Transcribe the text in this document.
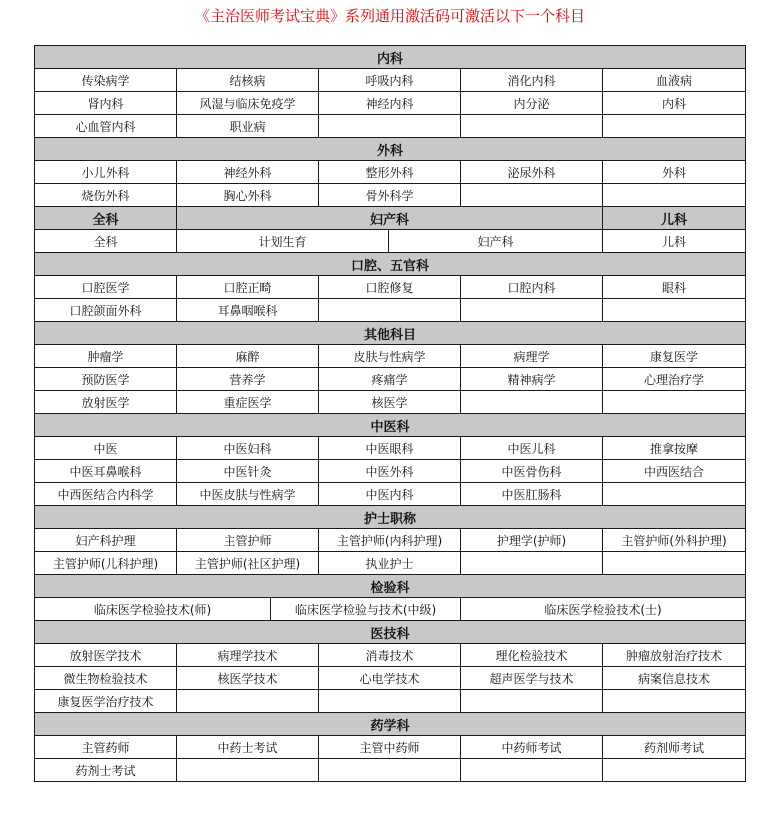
《主治医师考试宝典》系列通用激活码可激活以下一个科目
内科						
传染病学	结核病		呼吸内科		消化内科	血液病
肾内科	风湿与临床免疫学		神经内科		内分泌	内科
心血管内科	职业病					
外科						
小儿外科	神经外科		整形外科		泌尿外科	外科
烧伤外科	胸心外科		骨外科学			
全科	妇产科					儿科
全科	计划生育			妇产科		儿科
口腔、五官科						
口腔医学	口腔正畸		口腔修复		口腔内科	眼科
口腔颌面外科	耳鼻咽喉科					
其他科目						
肿瘤学	麻醉		皮肤与性病学		病理学	康复医学
预防医学	营养学		疼痛学		精神病学	心理治疗学
放射医学	重症医学		核医学			
中医科						
中医	中医妇科		中医眼科		中医儿科	推拿按摩
中医耳鼻喉科	中医针灸		中医外科		中医骨伤科	中西医结合
中西医结合内科学	中医皮肤与性病学		中医内科		中医肛肠科	
护士职称						
妇产科护理	主管护师		主管护师(内科护理)		护理学(护师)	主管护师(外科护理)
主管护师(儿科护理)	主管护师(社区护理)		执业护士			
检验科						
临床医学检验技术(师)		临床医学检验与技术(中级)			临床医学检验技术(士)	
医技科						
放射医学技术	病理学技术		消毒技术		理化检验技术	肿瘤放射治疗技术
微生物检验技术	核医学技术		心电学技术		超声医学与技术	病案信息技术
康复医学治疗技术						
药学科						
主管药师	中药士考试		主管中药师		中药师考试	药剂师考试
药剂士考试						
